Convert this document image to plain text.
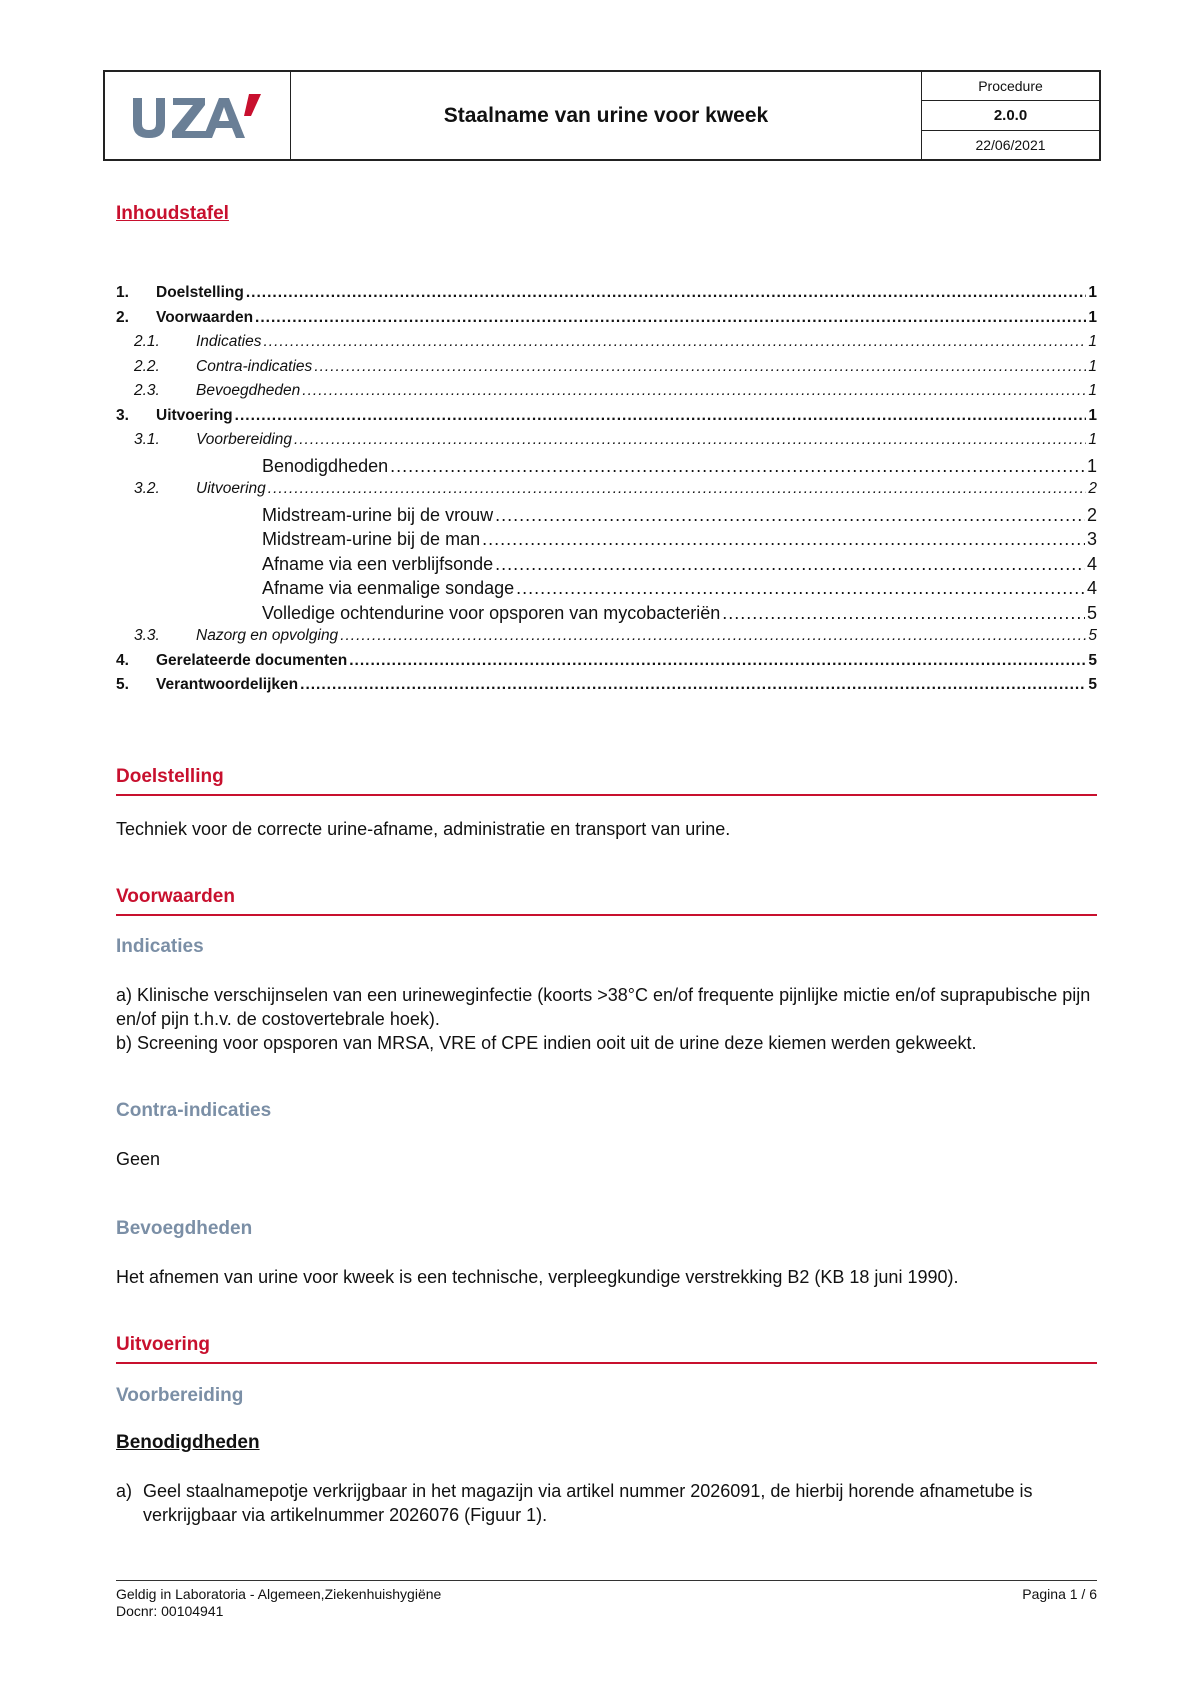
Staalname van urine voor kweek
Procedure
2.0.0
22/06/2021
Inhoudstafel
1.	Doelstelling .....	1
2.	Voorwaarden .....	1
2.1.	Indicaties .....	1
2.2.	Contra-indicaties .....	1
2.3.	Bevoegdheden .....	1
3.	Uitvoering .....	1
3.1.	Voorbereiding .....	1
Benodigdheden .....	1
3.2.	Uitvoering .....	2
Midstream-urine bij de vrouw .....	2
Midstream-urine bij de man .....	3
Afname via een verblijfsonde .....	4
Afname via eenmalige sondage .....	4
Volledige ochtendurine voor opsporen van mycobacteriën .....	5
3.3.	Nazorg en opvolging .....	5
4.	Gerelateerde documenten .....	5
5.	Verantwoordelijken .....	5
Doelstelling
Techniek voor de correcte urine-afname, administratie en transport van urine.
Voorwaarden
Indicaties
a) Klinische verschijnselen van een urineweginfectie (koorts >38°C en/of frequente pijnlijke mictie en/of suprapubische pijn en/of pijn t.h.v. de costovertebrale hoek).
b) Screening voor opsporen van MRSA, VRE of CPE indien ooit uit de urine deze kiemen werden gekweekt.
Contra-indicaties
Geen
Bevoegdheden
Het afnemen van urine voor kweek is een technische, verpleegkundige verstrekking B2 (KB 18 juni 1990).
Uitvoering
Voorbereiding
Benodigdheden
a) Geel staalnamepotje verkrijgbaar in het magazijn via artikel nummer 2026091, de hierbij horende afnametube is verkrijgbaar via artikelnummer 2026076 (Figuur 1).
Geldig in Laboratoria - Algemeen,Ziekenhuishygiëne
Docnr: 00104941
Pagina 1 / 6
